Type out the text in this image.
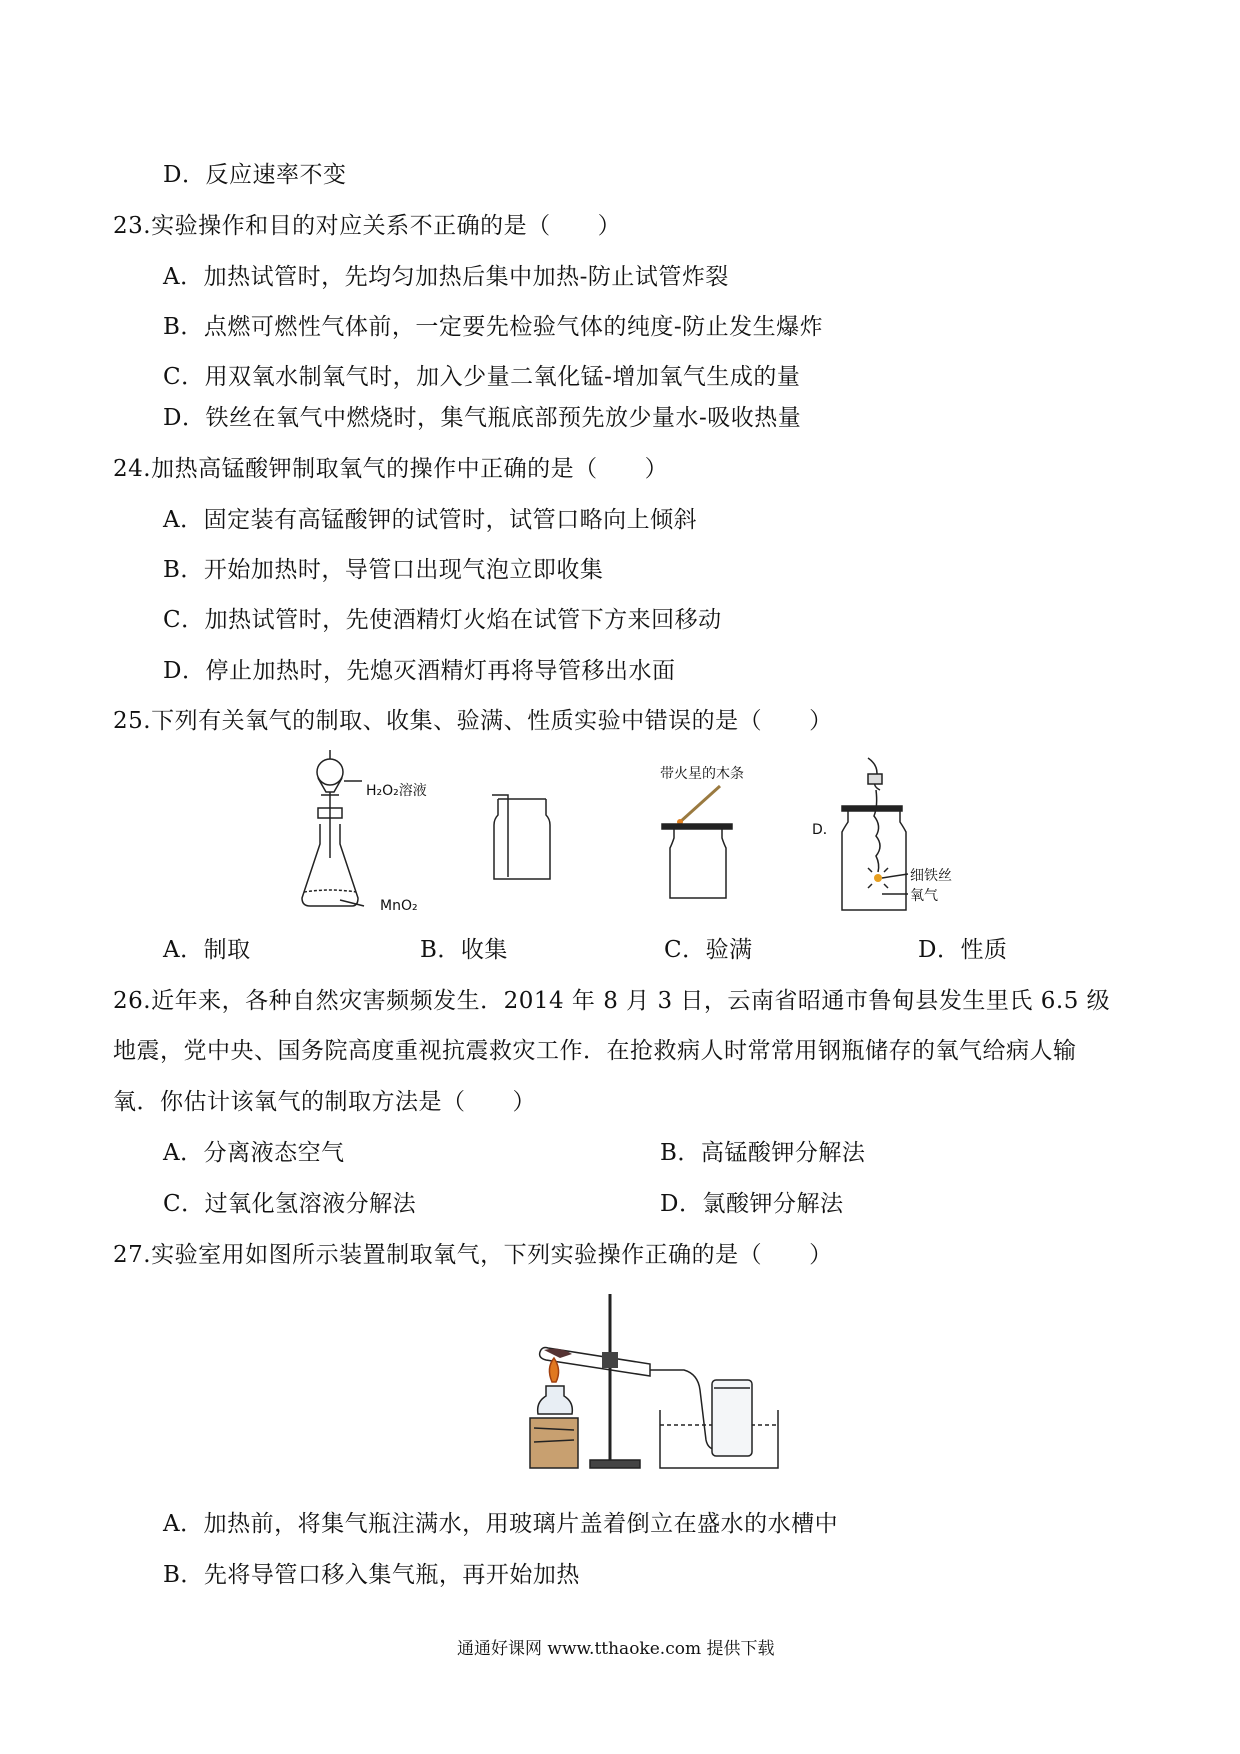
D．反应速率不变
23.实验操作和目的对应关系不正确的是（　　）
A．加热试管时，先均匀加热后集中加热-防止试管炸裂
B．点燃可燃性气体前，一定要先检验气体的纯度-防止发生爆炸
C．用双氧水制氧气时，加入少量二氧化锰-增加氧气生成的量
D．铁丝在氧气中燃烧时，集气瓶底部预先放少量水-吸收热量
24.加热高锰酸钾制取氧气的操作中正确的是（　　）
A．固定装有高锰酸钾的试管时，试管口略向上倾斜
B．开始加热时，导管口出现气泡立即收集
C．加热试管时，先使酒精灯火焰在试管下方来回移动
D．停止加热时，先熄灭酒精灯再将导管移出水面
25.下列有关氧气的制取、收集、验满、性质实验中错误的是（　　）
H₂O₂溶液
MnO₂
带火星的木条
D．
细铁丝
氧气
A．制取	B．收集	C．验满	D．性质
26.近年来，各种自然灾害频频发生．2014 年 8 月 3 日，云南省昭通市鲁甸县发生里氏 6.5 级
地震，党中央、国务院高度重视抗震救灾工作．在抢救病人时常常用钢瓶储存的氧气给病人输
氧．你估计该氧气的制取方法是（　　）
A．分离液态空气	B．高锰酸钾分解法
C．过氧化氢溶液分解法	D．氯酸钾分解法
27.实验室用如图所示装置制取氧气，下列实验操作正确的是（　　）
A．加热前，将集气瓶注满水，用玻璃片盖着倒立在盛水的水槽中
B．先将导管口移入集气瓶，再开始加热
通通好课网 www.tthaoke.com 提供下载
